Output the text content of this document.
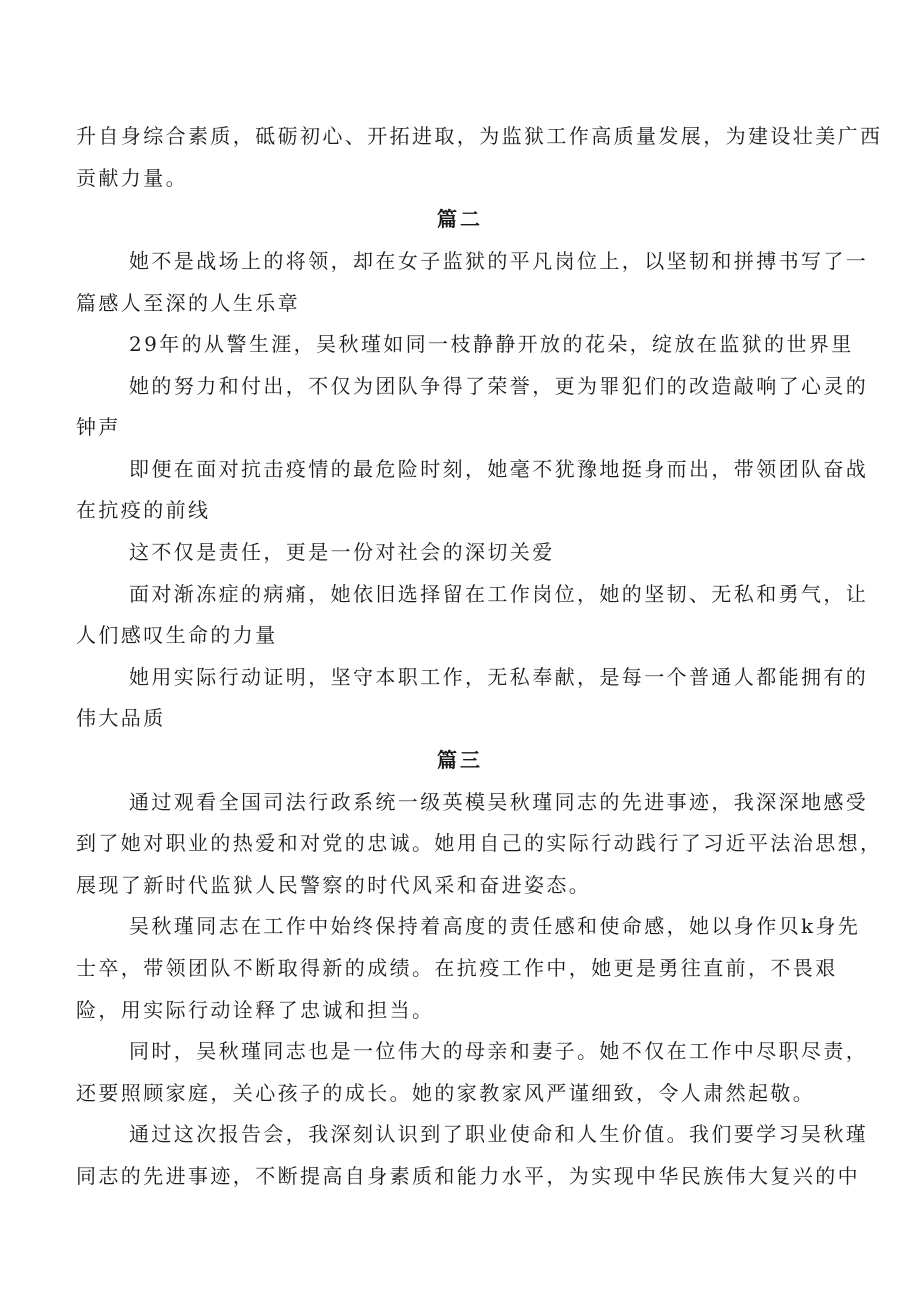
升自身综合素质，砥砺初心、开拓进取，为监狱工作高质量发展，为建设壮美广西

贡献力量。

篇二

她不是战场上的将领，却在女子监狱的平凡岗位上，以坚韧和拼搏书写了一

篇感人至深的人生乐章

29年的从警生涯，吴秋瑾如同一枝静静开放的花朵，绽放在监狱的世界里

她的努力和付出，不仅为团队争得了荣誉，更为罪犯们的改造敲响了心灵的

钟声

即便在面对抗击疫情的最危险时刻，她毫不犹豫地挺身而出，带领团队奋战

在抗疫的前线

这不仅是责任，更是一份对社会的深切关爱

面对渐冻症的病痛，她依旧选择留在工作岗位，她的坚韧、无私和勇气，让

人们感叹生命的力量

她用实际行动证明，坚守本职工作，无私奉献，是每一个普通人都能拥有的

伟大品质

篇三

通过观看全国司法行政系统一级英模吴秋瑾同志的先进事迹，我深深地感受

到了她对职业的热爱和对党的忠诚。她用自己的实际行动践行了习近平法治思想，

展现了新时代监狱人民警察的时代风采和奋进姿态。

吴秋瑾同志在工作中始终保持着高度的责任感和使命感，她以身作贝k身先

士卒，带领团队不断取得新的成绩。在抗疫工作中，她更是勇往直前，不畏艰

险，用实际行动诠释了忠诚和担当。

同时，吴秋瑾同志也是一位伟大的母亲和妻子。她不仅在工作中尽职尽责，

还要照顾家庭，关心孩子的成长。她的家教家风严谨细致，令人肃然起敬。

通过这次报告会，我深刻认识到了职业使命和人生价值。我们要学习吴秋瑾

同志的先进事迹，不断提高自身素质和能力水平，为实现中华民族伟大复兴的中
